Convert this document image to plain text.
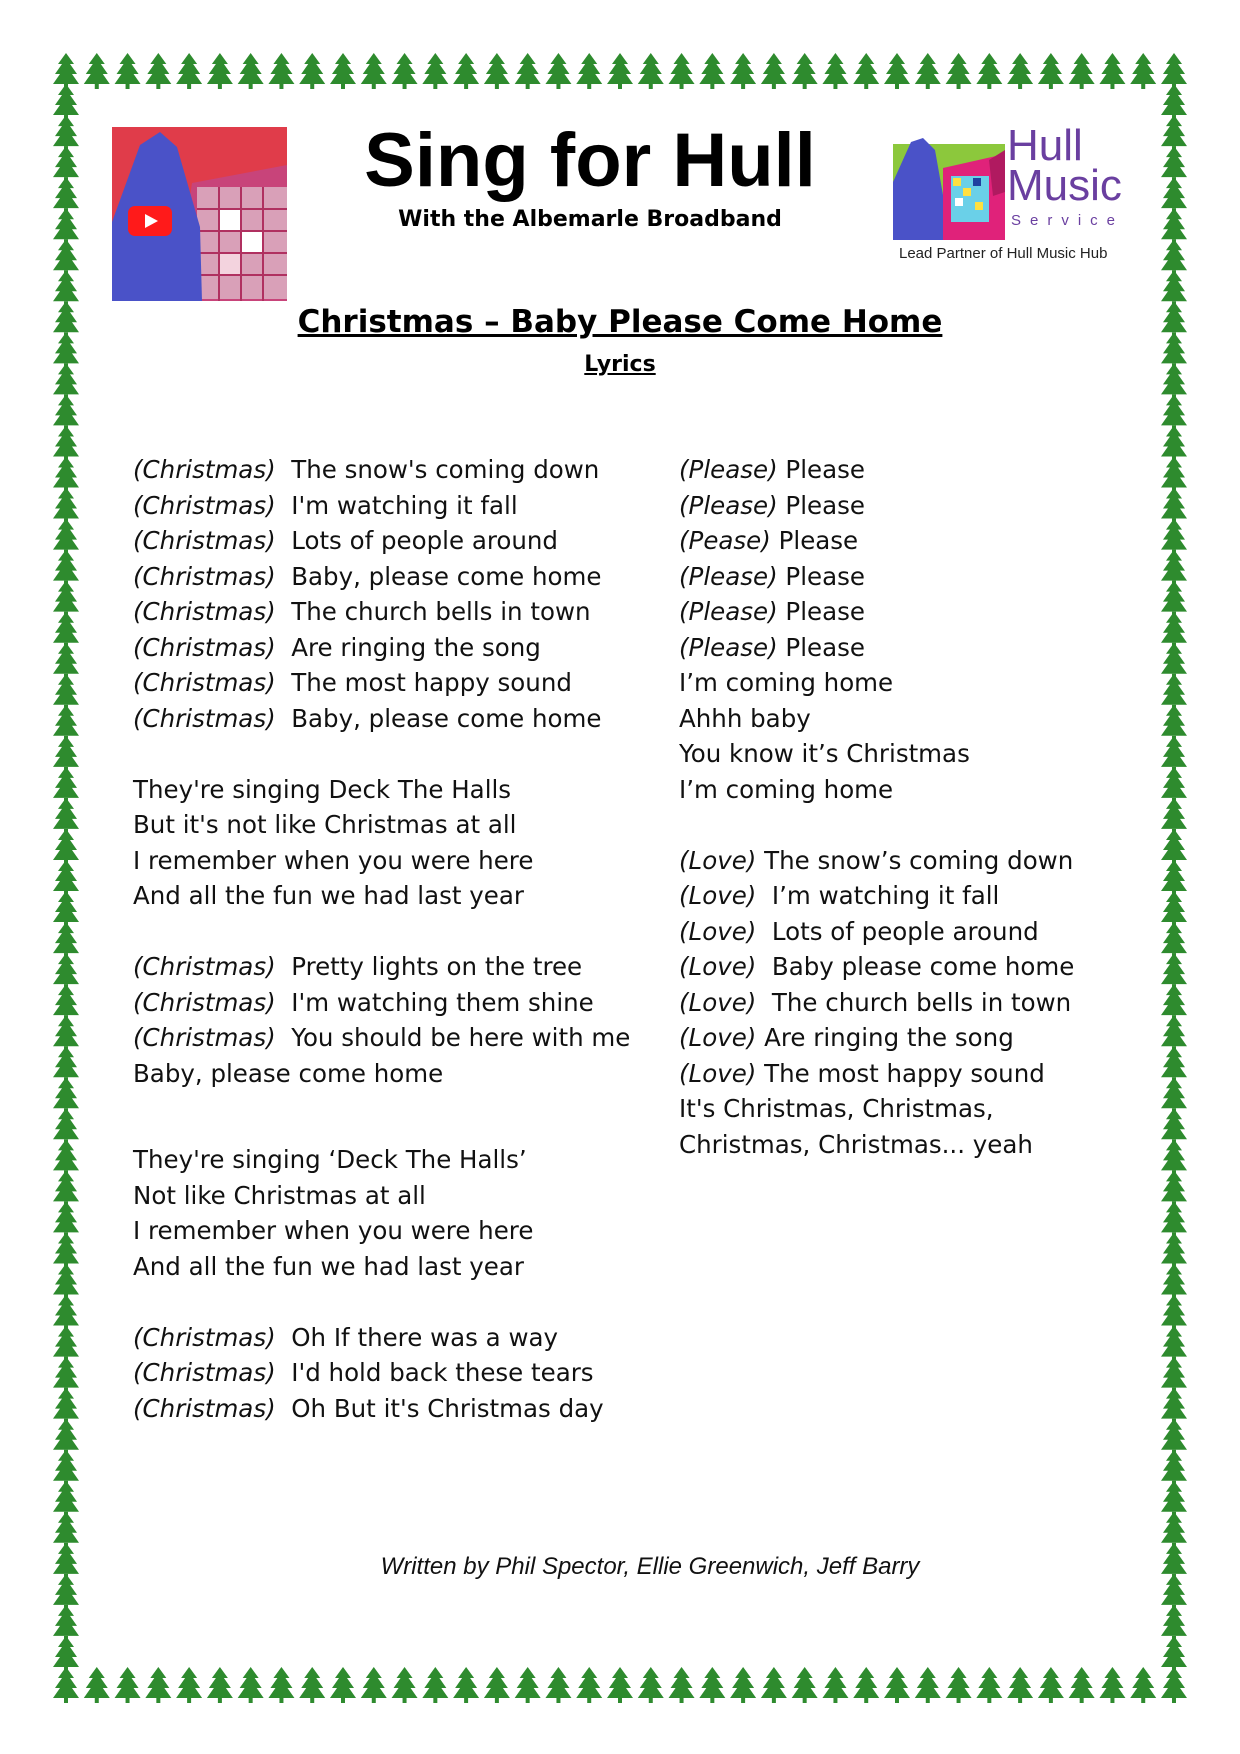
Sing for Hull
With the Albemarle Broadband
Hull
Music
Service
Lead Partner of Hull Music Hub
Christmas – Baby Please Come Home
Lyrics
(Christmas) The snow's coming down
(Christmas) I'm watching it fall
(Christmas) Lots of people around
(Christmas) Baby, please come home
(Christmas) The church bells in town
(Christmas) Are ringing the song
(Christmas) The most happy sound
(Christmas) Baby, please come home
They're singing Deck The Halls
But it's not like Christmas at all
I remember when you were here
And all the fun we had last year
(Christmas) Pretty lights on the tree
(Christmas) I'm watching them shine
(Christmas) You should be here with me
Baby, please come home
They're singing ‘Deck The Halls’
Not like Christmas at all
I remember when you were here
And all the fun we had last year
(Christmas) Oh If there was a way
(Christmas) I'd hold back these tears
(Christmas) Oh But it's Christmas day
(Please) Please
(Please) Please
(Pease) Please
(Please) Please
(Please) Please
(Please) Please
I’m coming home
Ahhh baby
You know it’s Christmas
I’m coming home
(Love) The snow’s coming down
(Love) I’m watching it fall
(Love) Lots of people around
(Love) Baby please come home
(Love) The church bells in town
(Love) Are ringing the song
(Love) The most happy sound
It's Christmas, Christmas,
Christmas, Christmas... yeah
Written by Phil Spector, Ellie Greenwich, Jeff Barry
